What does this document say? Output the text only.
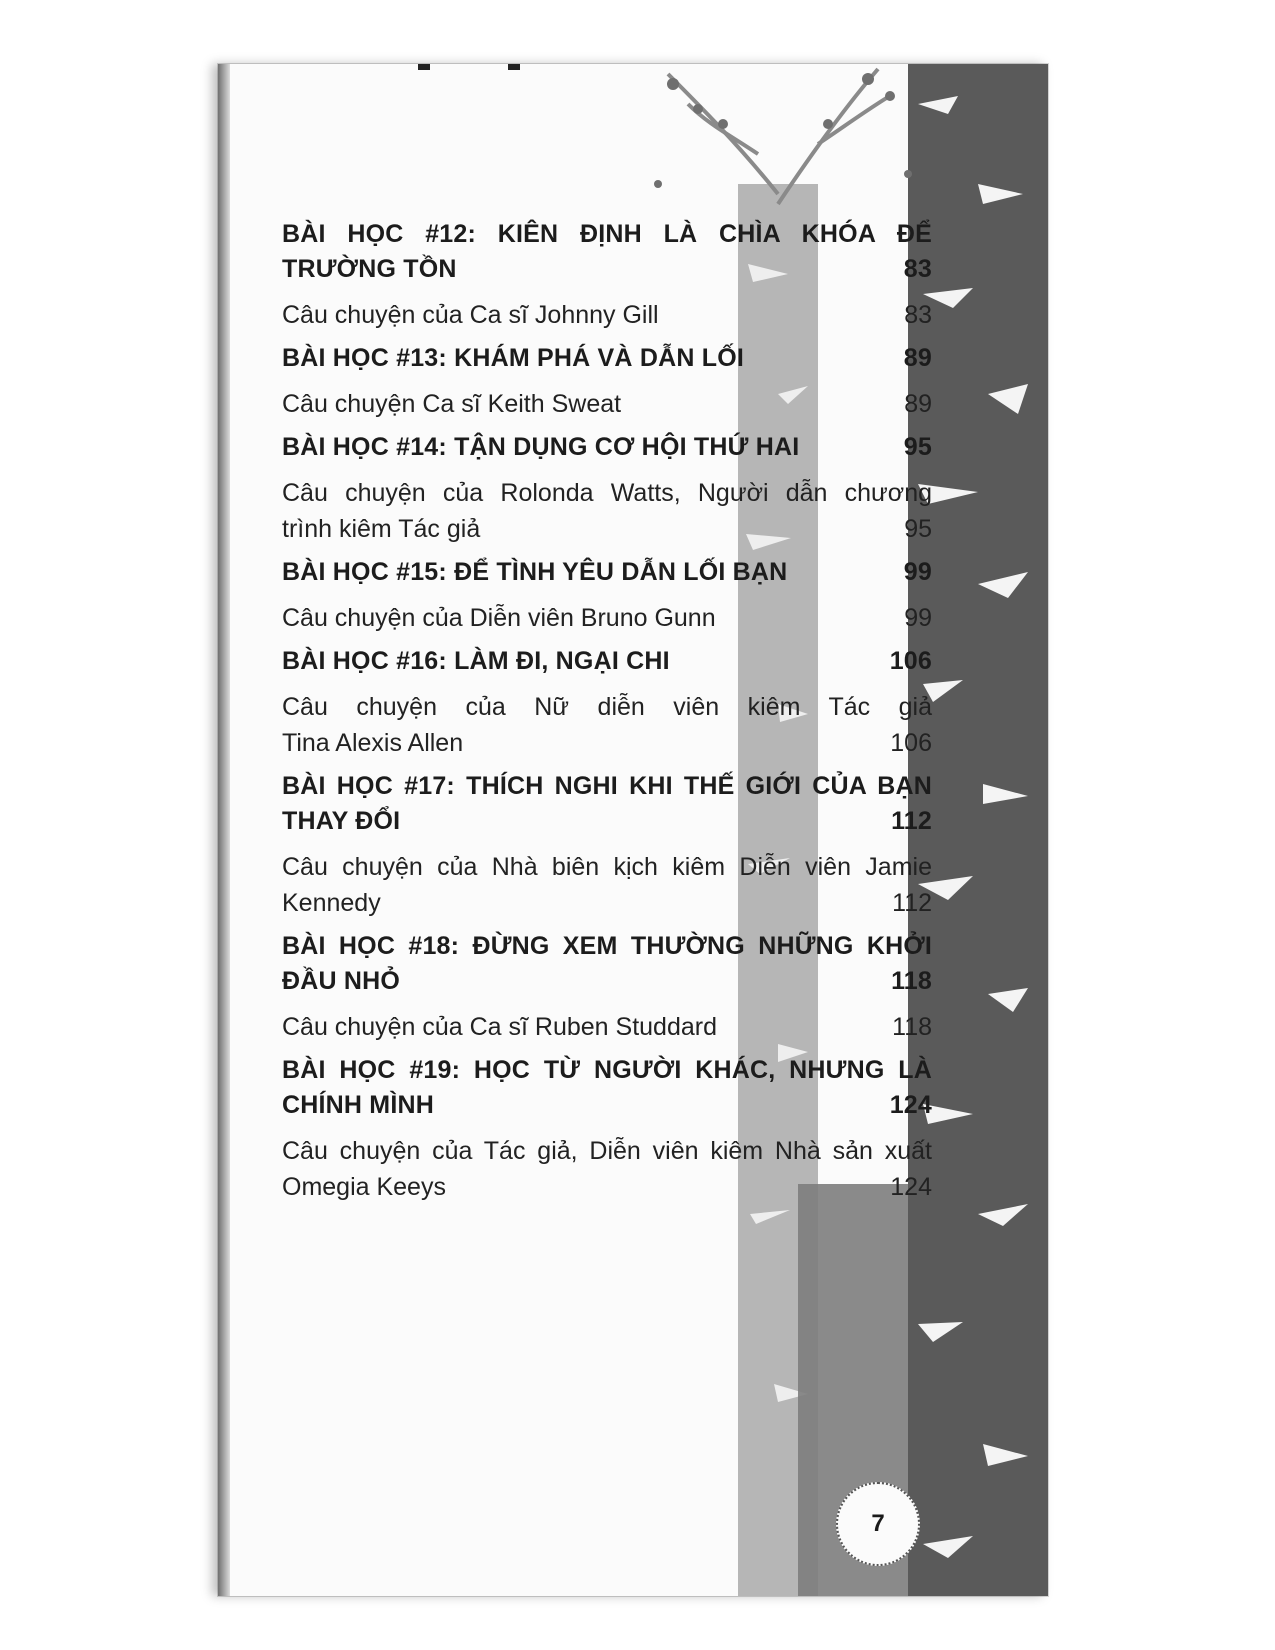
BÀI HỌC #12: KIÊN ĐỊNH LÀ CHÌA KHÓA ĐỂ
TRƯỜNG TỒN	83
Câu chuyện của Ca sĩ Johnny Gill	83
BÀI HỌC #13: KHÁM PHÁ VÀ DẪN LỐI	89
Câu chuyện Ca sĩ Keith Sweat	89
BÀI HỌC #14: TẬN DỤNG CƠ HỘI THỨ HAI	95
Câu chuyện của Rolonda Watts, Người dẫn chương
trình kiêm Tác giả	95
BÀI HỌC #15: ĐỂ TÌNH YÊU DẪN LỐI BẠN	99
Câu chuyện của Diễn viên Bruno Gunn	99
BÀI HỌC #16: LÀM ĐI, NGẠI CHI	106
Câu chuyện của Nữ diễn viên kiêm Tác giả
Tina Alexis Allen	106
BÀI HỌC #17: THÍCH NGHI KHI THẾ GIỚI CỦA BẠN
THAY ĐỔI	112
Câu chuyện của Nhà biên kịch kiêm Diễn viên Jamie
Kennedy	112
BÀI HỌC #18: ĐỪNG XEM THƯỜNG NHỮNG KHỞI
ĐẦU NHỎ	118
Câu chuyện của Ca sĩ Ruben Studdard	118
BÀI HỌC #19: HỌC TỪ NGƯỜI KHÁC, NHƯNG LÀ
CHÍNH MÌNH	124
Câu chuyện của Tác giả, Diễn viên kiêm Nhà sản xuất
Omegia Keeys	124
7
